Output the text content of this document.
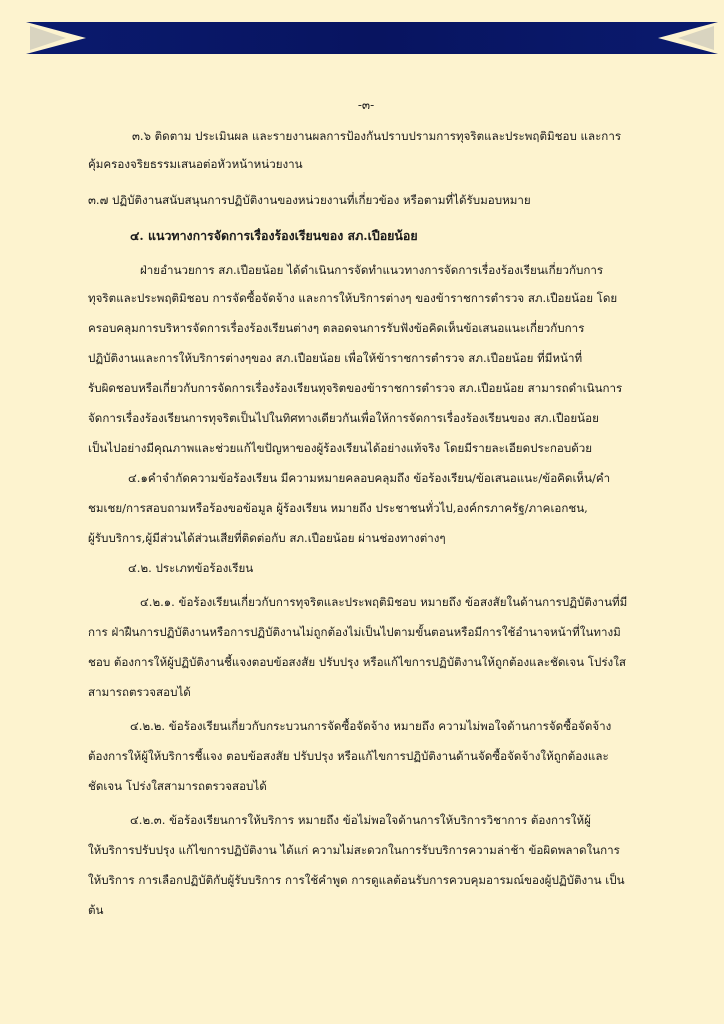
-๓-
๓.๖ ติดตาม ประเมินผล และรายงานผลการป้องกันปราบปรามการทุจริตและประพฤติมิชอบ และการ
คุ้มครองจริยธรรมเสนอต่อหัวหน้าหน่วยงาน
๓.๗ ปฏิบัติงานสนับสนุนการปฏิบัติงานของหน่วยงานที่เกี่ยวข้อง หรือตามที่ได้รับมอบหมาย
๔. แนวทางการจัดการเรื่องร้องเรียนของ สภ.เปือยน้อย
ฝ่ายอำนวยการ สภ.เปือยน้อย ได้ดำเนินการจัดทำแนวทางการจัดการเรื่องร้องเรียนเกี่ยวกับการ
ทุจริตและประพฤติมิชอบ การจัดซื้อจัดจ้าง และการให้บริการต่างๆ ของข้าราชการตำรวจ สภ.เปือยน้อย โดย
ครอบคลุมการบริหารจัดการเรื่องร้องเรียนต่างๆ ตลอดจนการรับฟังข้อคิดเห็นข้อเสนอแนะเกี่ยวกับการ
ปฏิบัติงานและการให้บริการต่างๆของ สภ.เปือยน้อย เพื่อให้ข้าราชการตำรวจ สภ.เปือยน้อย ที่มีหน้าที่
รับผิดชอบหรือเกี่ยวกับการจัดการเรื่องร้องเรียนทุจริตของข้าราชการตำรวจ สภ.เปือยน้อย สามารถดำเนินการ
จัดการเรื่องร้องเรียนการทุจริตเป็นไปในทิศทางเดียวกันเพื่อให้การจัดการเรื่องร้องเรียนของ สภ.เปือยน้อย
เป็นไปอย่างมีคุณภาพและช่วยแก้ไขปัญหาของผู้ร้องเรียนได้อย่างแท้จริง โดยมีรายละเอียดประกอบด้วย
๔.๑คำจำกัดความข้อร้องเรียน มีความหมายคลอบคลุมถึง ข้อร้องเรียน/ข้อเสนอแนะ/ข้อคิดเห็น/คำ
ชมเชย/การสอบถามหรือร้องขอข้อมูล ผู้ร้องเรียน หมายถึง ประชาชนทั่วไป,องค์กรภาครัฐ/ภาคเอกชน,
ผู้รับบริการ,ผู้มีส่วนได้ส่วนเสียที่ติดต่อกับ สภ.เปือยน้อย ผ่านช่องทางต่างๆ
๔.๒. ประเภทข้อร้องเรียน
๔.๒.๑. ข้อร้องเรียนเกี่ยวกับการทุจริตและประพฤติมิชอบ หมายถึง ข้อสงสัยในด้านการปฏิบัติงานที่มี
การ ฝ่าฝืนการปฏิบัติงานหรือการปฏิบัติงานไม่ถูกต้องไม่เป็นไปตามขั้นตอนหรือมีการใช้อำนาจหน้าที่ในทางมิ
ชอบ ต้องการให้ผู้ปฏิบัติงานชี้แจงตอบข้อสงสัย ปรับปรุง หรือแก้ไขการปฏิบัติงานให้ถูกต้องและชัดเจน โปร่งใส
สามารถตรวจสอบได้
๔.๒.๒. ข้อร้องเรียนเกี่ยวกับกระบวนการจัดซื้อจัดจ้าง หมายถึง ความไม่พอใจด้านการจัดซื้อจัดจ้าง
ต้องการให้ผู้ให้บริการชี้แจง ตอบข้อสงสัย ปรับปรุง หรือแก้ไขการปฏิบัติงานด้านจัดซื้อจัดจ้างให้ถูกต้องและ
ชัดเจน โปร่งใสสามารถตรวจสอบได้
๔.๒.๓. ข้อร้องเรียนการให้บริการ หมายถึง ข้อไม่พอใจด้านการให้บริการวิชาการ ต้องการให้ผู้
ให้บริการปรับปรุง แก้ไขการปฏิบัติงาน ได้แก่ ความไม่สะดวกในการรับบริการความล่าช้า ข้อผิดพลาดในการ
ให้บริการ การเลือกปฏิบัติกับผู้รับบริการ การใช้คำพูด การดูแลต้อนรับการควบคุมอารมณ์ของผู้ปฏิบัติงาน เป็น
ต้น
